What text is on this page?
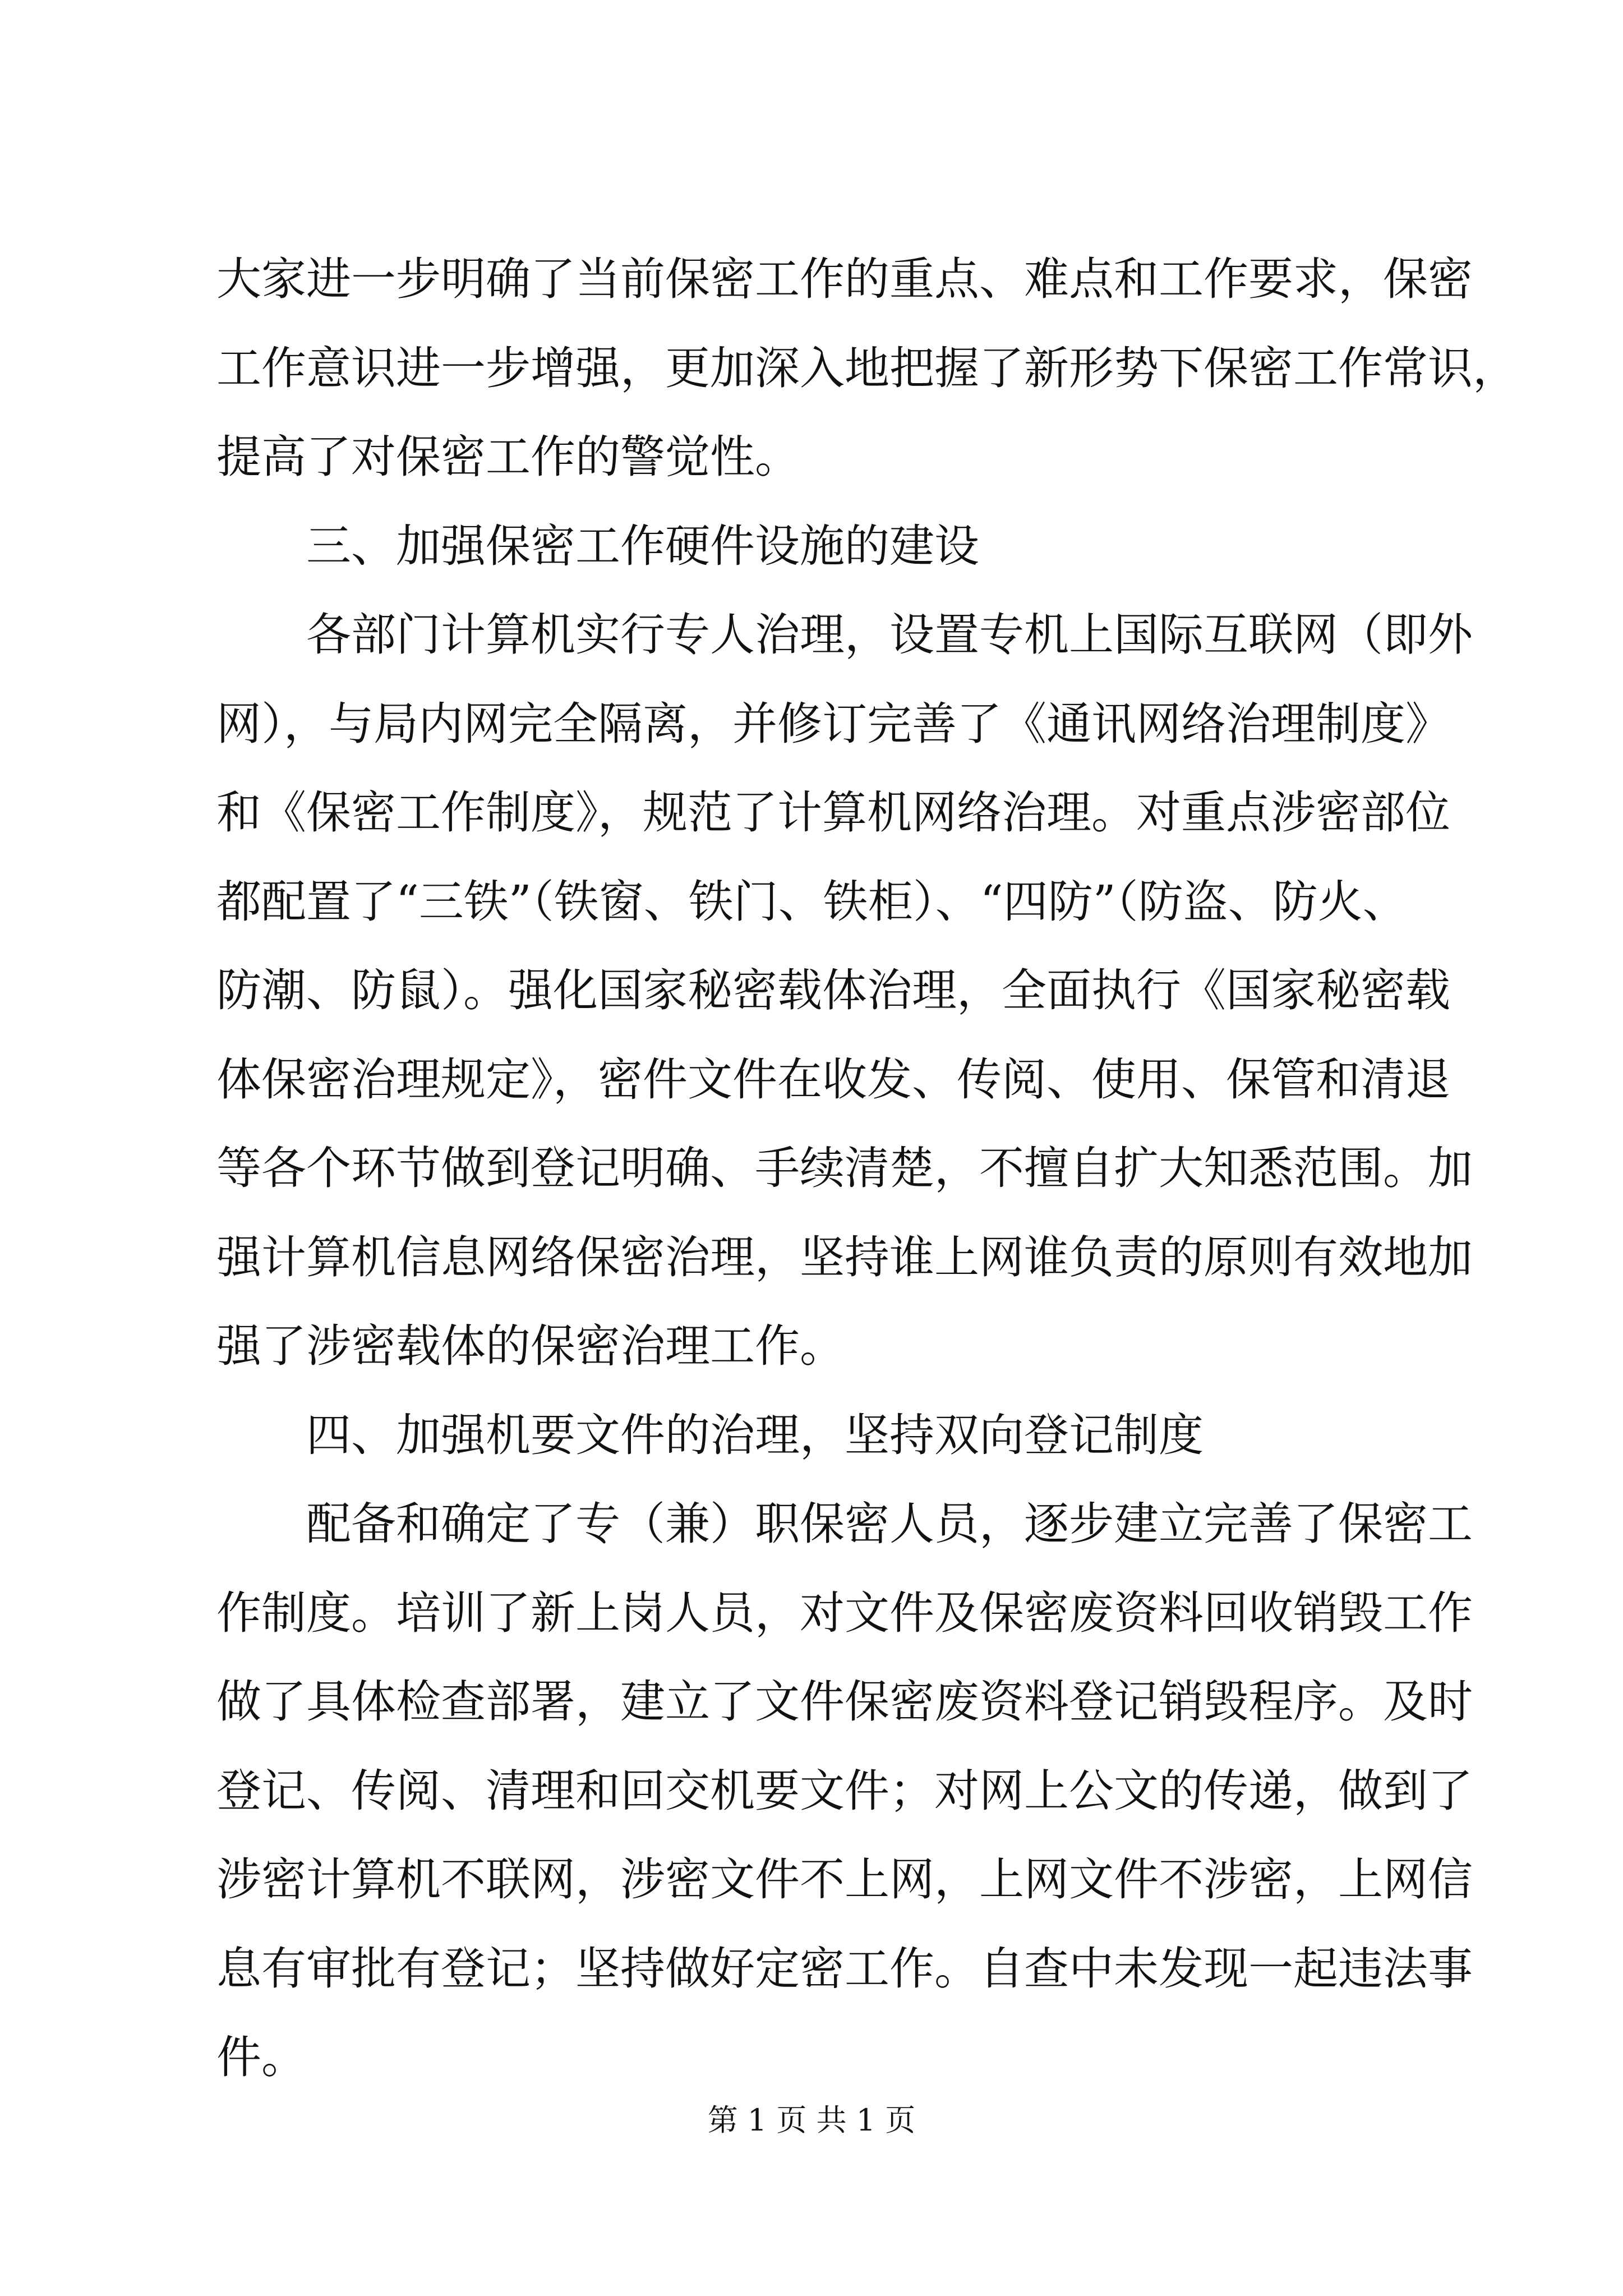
大家进一步明确了当前保密工作的重点、难点和工作要求，保密
工作意识进一步增强，更加深入地把握了新形势下保密工作常识，
提高了对保密工作的警觉性。
三、加强保密工作硬件设施的建设
各部门计算机实行专人治理，设置专机上国际互联网（即外
网），与局内网完全隔离，并修订完善了《通讯网络治理制度》
和《保密工作制度》，规范了计算机网络治理。对重点涉密部位
都配置了“三铁”（铁窗、铁门、铁柜）、“四防”（防盗、防火、
防潮、防鼠）。强化国家秘密载体治理，全面执行《国家秘密载
体保密治理规定》，密件文件在收发、传阅、使用、保管和清退
等各个环节做到登记明确、手续清楚，不擅自扩大知悉范围。加
强计算机信息网络保密治理，坚持谁上网谁负责的原则有效地加
强了涉密载体的保密治理工作。
四、加强机要文件的治理，坚持双向登记制度
配备和确定了专（兼）职保密人员，逐步建立完善了保密工
作制度。培训了新上岗人员，对文件及保密废资料回收销毁工作
做了具体检查部署，建立了文件保密废资料登记销毁程序。及时
登记、传阅、清理和回交机要文件；对网上公文的传递，做到了
涉密计算机不联网，涉密文件不上网，上网文件不涉密，上网信
息有审批有登记；坚持做好定密工作。自查中未发现一起违法事
件。
第 1 页 共 1 页
